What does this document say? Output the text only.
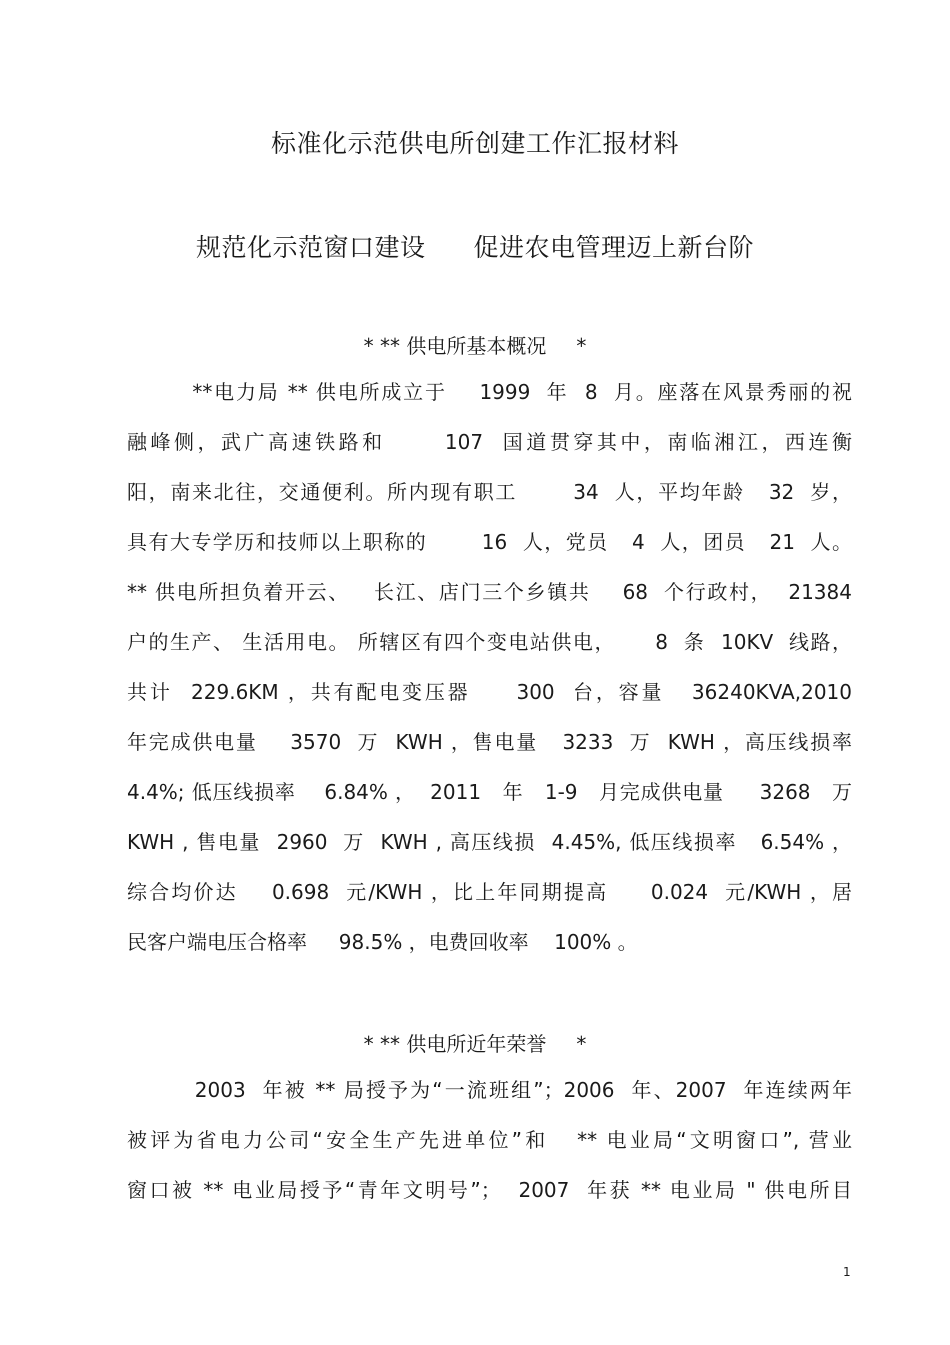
标准化示范供电所创建工作汇报材料
规范化示范窗口建设 促进农电管理迈上新台阶
* ** 供电所基本概况 *
**电力局 ** 供电所成立于    1999  年  8  月。座落在风景秀丽的祝
融峰侧，武广高速铁路和      107  国道贯穿其中，南临湘江，西连衡
阳，南来北往，交通便利。所内现有职工       34  人，平均年龄   32  岁，
具有大专学历和技师以上职称的       16  人，党员   4  人，团员   21  人。
** 供电所担负着开云、   长江、店门三个乡镇共    68  个行政村，  21384
户的生产、 生活用电。 所辖区有四个变电站供电，     8  条  10KV  线路，
共计  229.6KM ，共有配电变压器     300  台，容量   36240KVA,2010
年完成供电量    3570  万  KWH ，售电量   3233  万  KWH ，高压线损率
4.4%; 低压线损率    6.84% ，  2011   年   1-9   月完成供电量     3268   万
KWH , 售电量  2960  万  KWH , 高压线损  4.45%, 低压线损率   6.54% ，
综合均价达    0.698  元/KWH ，比上年同期提高     0.024  元/KWH ，居
民客户端电压合格率     98.5% ，电费回收率    100% 。
* ** 供电所近年荣誉 *
2003  年被 ** 局授予为“一流班组”；2006  年、2007  年连续两年
被评为省电力公司“安全生产先进单位”和   ** 电业局“文明窗口”, 营业
窗口被 ** 电业局授予“青年文明号”；  2007  年获 ** 电业局 " 供电所目
1
